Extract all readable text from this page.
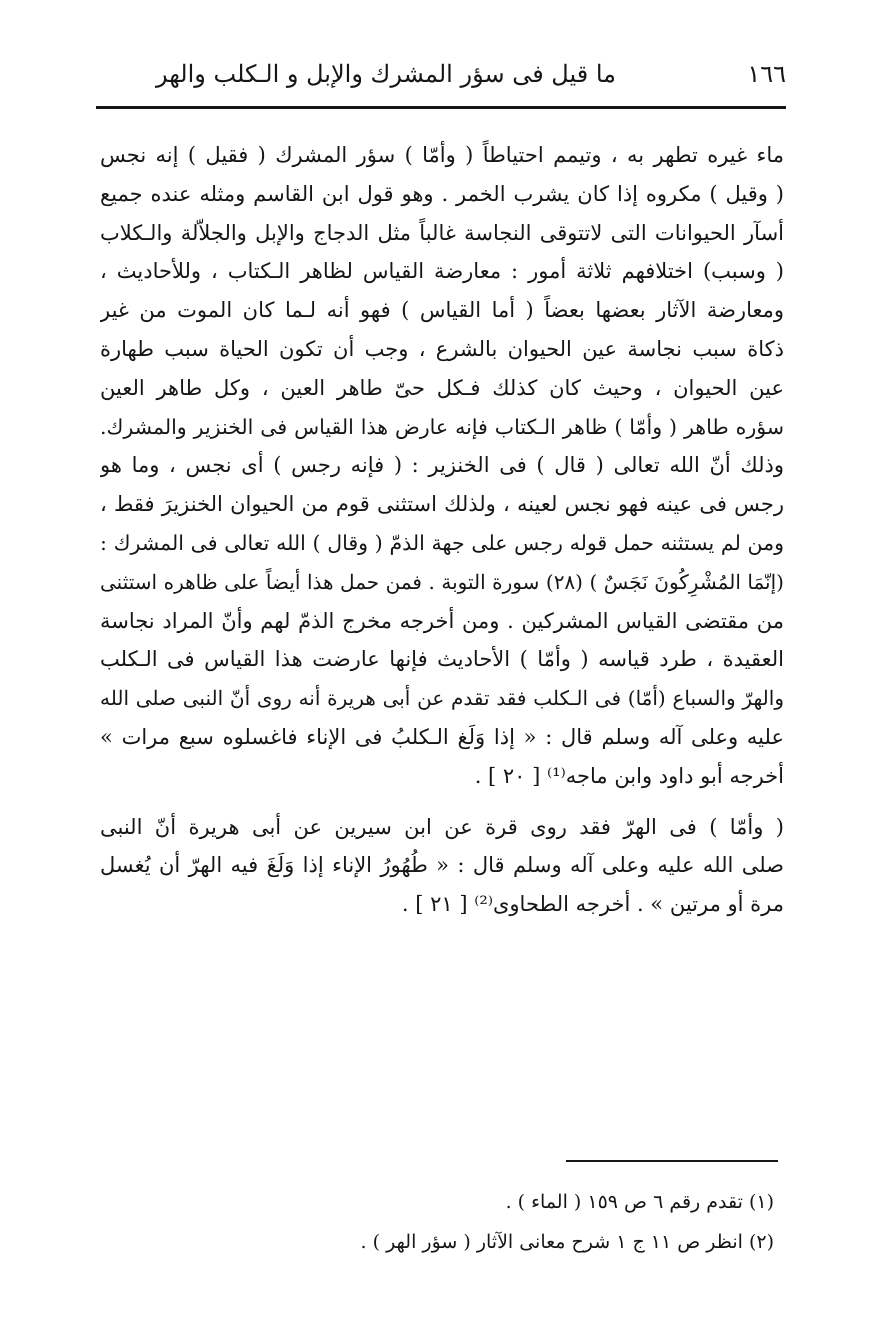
١٦٦
ما قيل فى سؤر المشرك والإبل و الـكلب والهر
ماء غيره تطهر به ، وتيمم احتياطاً ( وأمّا ) سؤر المشرك ( فقيل ) إنه نجس
( وقيل ) مكروه إذا كان يشرب الخمر . وهو قول ابن القاسم ومثله عنده جميع
أسآر الحيوانات التى لاتتوقى النجاسة غالباً مثل الدجاج والإبل والجلاّلة والـكلاب
( وسبب) اختلافهم ثلاثة أمور : معارضة القياس لظاهر الـكتاب ، وللأحاديث ،
ومعارضة الآثار بعضها بعضاً ( أما القياس ) فهو أنه لـما كان الموت من غير
ذكاة سبب نجاسة عين الحيوان بالشرع ، وجب أن تكون الحياة سبب طهارة
عين الحيوان ، وحيث كان كذلك فـكل حىّ طاهر العين ، وكل طاهر العين
سؤره طاهر ( وأمّا ) ظاهر الـكتاب فإنه عارض هذا القياس فى الخنزير والمشرك.
وذلك أنّ الله تعالى ( قال ) فى الخنزير : ( فإنه رجس ) أى نجس ، وما هو
رجس فى عينه فهو نجس لعينه ، ولذلك استثنى قوم من الحيوان الخنزيرَ فقط ،
ومن لم يستثنه حمل قوله رجس على جهة الذمّ ( وقال ) الله تعالى فى المشرك :
(إنّمَا المُشْرِكُونَ نَجَسٌ ) (٢٨) سورة التوبة . فمن حمل هذا أيضاً على ظاهره استثنى
من مقتضى القياس المشركين . ومن أخرجه مخرج الذمّ لهم وأنّ المراد نجاسة
العقيدة ، طرد قياسه ( وأمّا ) الأحاديث فإنها عارضت هذا القياس فى الـكلب
والهرّ والسباع (أمّا) فى الـكلب فقد تقدم عن أبى هريرة أنه روى أنّ النبى صلى الله
عليه وعلى آله وسلم قال : « إذا وَلَغ الـكلبُ فى الإناء فاغسلوه سبع مرات »
أخرجه أبو داود وابن ماجه⁽¹⁾ [ ٢٠ ] .
( وأمّا ) فى الهرّ فقد روى قرة عن ابن سيرين عن أبى هريرة أنّ النبى
صلى الله عليه وعلى آله وسلم قال : « طُهُورُ الإناء إذا وَلَغَ فيه الهرّ أن يُغسل
مرة أو مرتين » . أخرجه الطحاوى⁽²⁾ [ ٢١ ] .
(١) تقدم رقم ٦ ص ١٥٩ ( الماء ) .
(٢) انظر ص ١١ ج ١ شرح معانى الآثار ( سؤر الهر ) .
